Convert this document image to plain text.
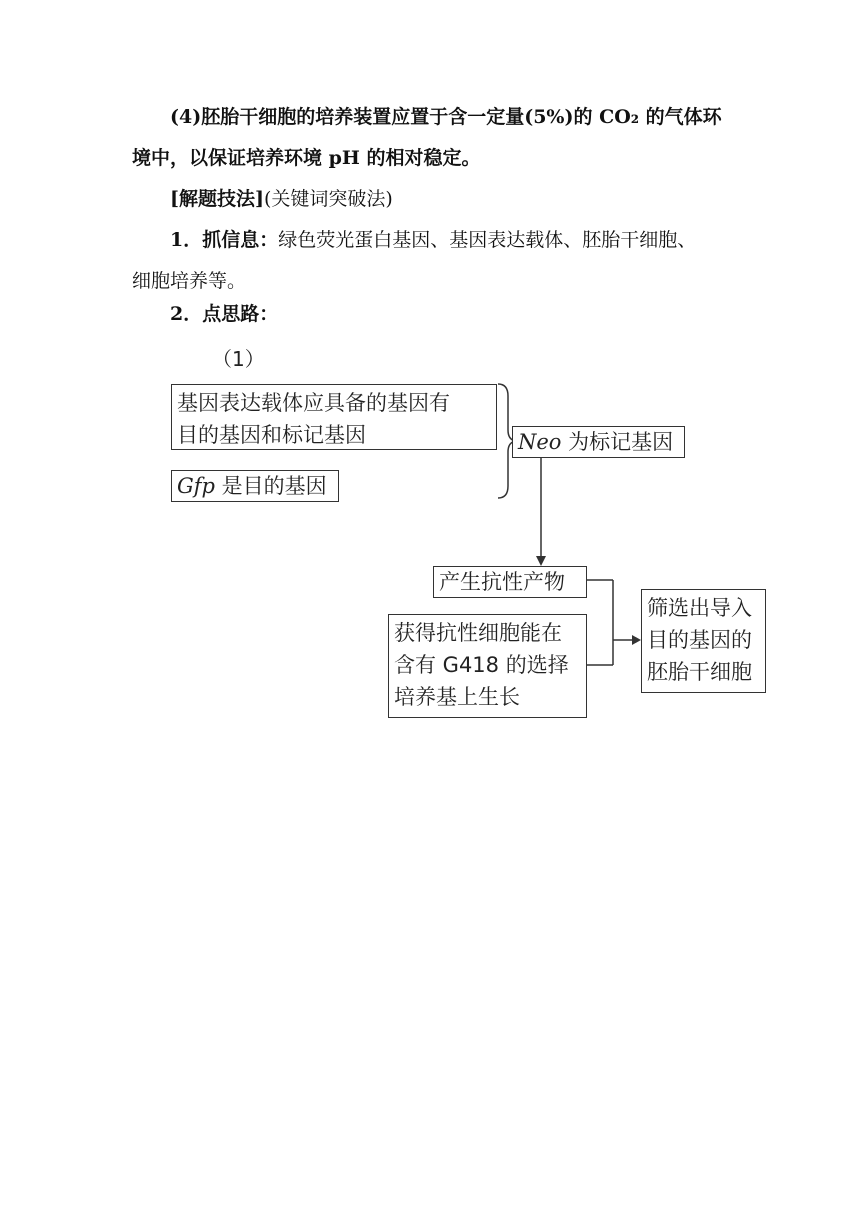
(4)胚胎干细胞的培养装置应置于含一定量(5%)的 CO₂ 的气体环
境中，以保证培养环境 pH 的相对稳定。

[解题技法](关键词突破法)

1．抓信息：绿色荧光蛋白基因、基因表达载体、胚胎干细胞、
细胞培养等。

2．点思路：

（1）
基因表达载体应具备的基因有
目的基因和标记基因
Gfp 是目的基因
Neo 为标记基因
产生抗性产物
获得抗性细胞能在
含有 G418 的选择
培养基上生长
筛选出导入
目的基因的
胚胎干细胞
